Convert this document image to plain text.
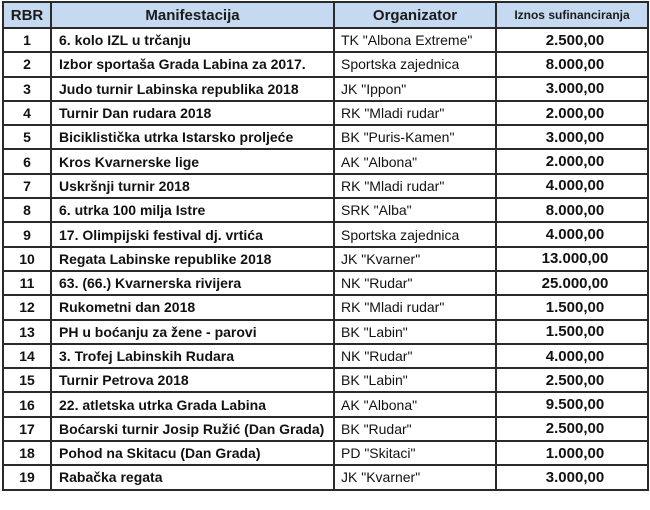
RBR	Manifestacija	Organizator	Iznos sufinanciranja
1	6. kolo IZL u trčanju	TK "Albona Extreme"	2.500,00
2	Izbor sportaša Grada Labina za 2017.	Sportska zajednica	8.000,00
3	Judo turnir Labinska republika 2018	JK "Ippon"	3.000,00
4	Turnir Dan rudara 2018	RK "Mladi rudar"	2.000,00
5	Biciklistička utrka Istarsko proljeće	BK "Puris-Kamen"	3.000,00
6	Kros Kvarnerske lige	AK "Albona"	2.000,00
7	Uskršnji turnir 2018	RK "Mladi rudar"	4.000,00
8	6. utrka 100 milja Istre	SRK "Alba"	8.000,00
9	17. Olimpijski festival dj. vrtića	Sportska zajednica	4.000,00
10	Regata Labinske republike 2018	JK "Kvarner"	13.000,00
11	63. (66.) Kvarnerska rivijera	NK "Rudar"	25.000,00
12	Rukometni dan 2018	RK "Mladi rudar"	1.500,00
13	PH u boćanju za žene - parovi	BK "Labin"	1.500,00
14	3. Trofej Labinskih Rudara	NK "Rudar"	4.000,00
15	Turnir Petrova 2018	BK "Labin"	2.500,00
16	22. atletska utrka Grada Labina	AK "Albona"	9.500,00
17	Boćarski turnir Josip Ružić (Dan Grada)	BK "Rudar"	2.500,00
18	Pohod na Skitacu (Dan Grada)	PD "Skitaci"	1.000,00
19	Rabačka regata	JK "Kvarner"	3.000,00
